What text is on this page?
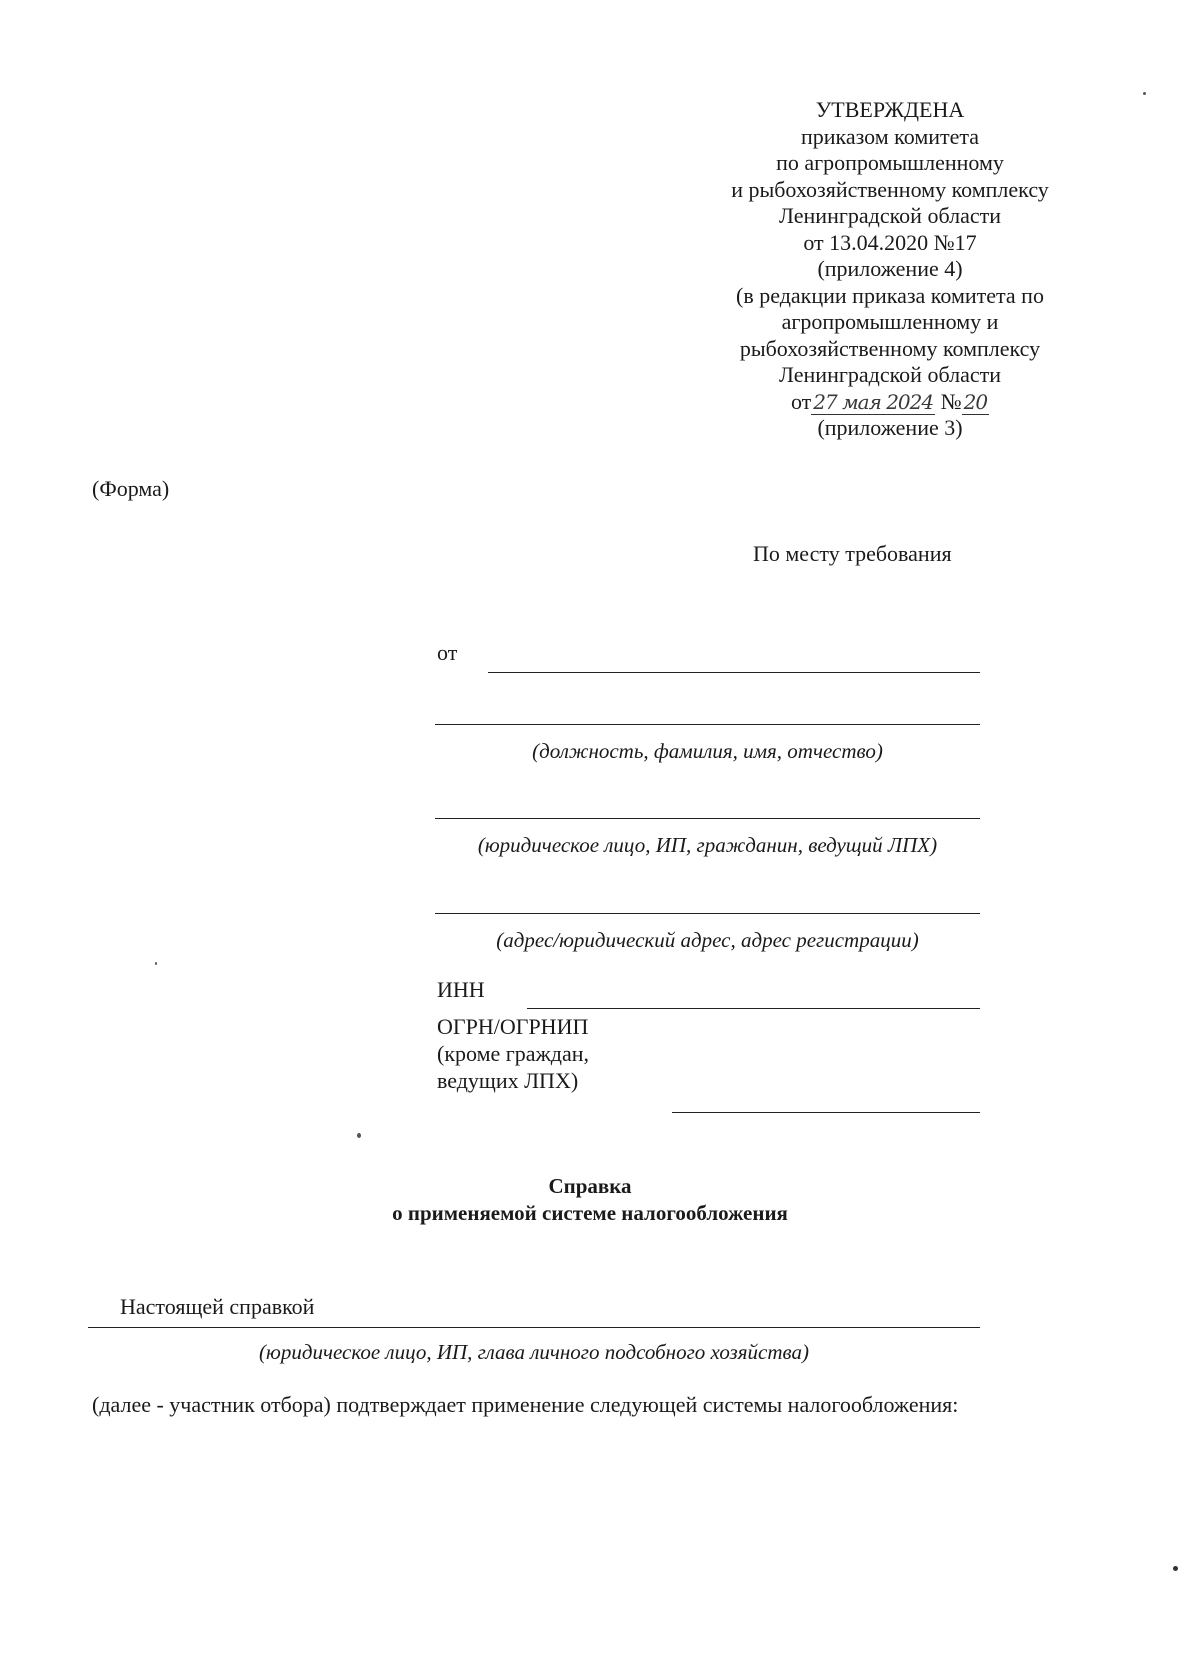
УТВЕРЖДЕНА
приказом комитета
по агропромышленному
и рыбохозяйственному комплексу
Ленинградской области
от 13.04.2020 №17
(приложение 4)
(в редакции приказа комитета по
агропромышленному и
рыбохозяйственному комплексу
Ленинградской области
от 27 мая 2024 № 20
(приложение 3)
(Форма)
По месту требования
от
(должность, фамилия, имя, отчество)
(юридическое лицо, ИП, гражданин, ведущий ЛПХ)
(адрес/юридический адрес, адрес регистрации)
ИНН
ОГРН/ОГРНИП
(кроме граждан,
ведущих ЛПХ)
Справка
о применяемой системе налогообложения
Настоящей справкой
(юридическое лицо, ИП, глава личного подсобного хозяйства)
(далее - участник отбора) подтверждает применение следующей системы налогообложения:
